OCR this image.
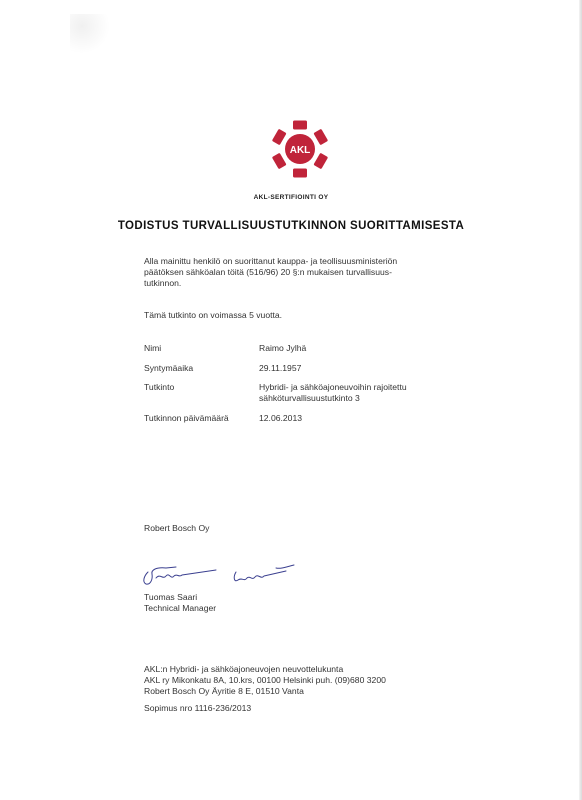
AKL
AKL-SERTIFIOINTI OY
TODISTUS TURVALLISUUSTUTKINNON SUORITTAMISESTA
Alla mainittu henkilö on suorittanut kauppa- ja teollisuusministeriön
päätöksen sähköalan töitä (516/96) 20 §:n mukaisen turvallisuus-
tutkinnon.
Tämä tutkinto on voimassa 5 vuotta.
Nimi	Raimo Jylhä
Syntymäaika	29.11.1957
Tutkinto	Hybridi- ja sähköajoneuvoihin rajoitettu
sähköturvallisuustutkinto 3
Tutkinnon päivämäärä	12.06.2013
Robert Bosch Oy
Tuomas Saari
Technical Manager
AKL:n Hybridi- ja sähköajoneuvojen neuvottelukunta
AKL ry Mikonkatu 8A, 10.krs, 00100 Helsinki puh. (09)680 3200
Robert Bosch Oy Äyritie 8 E, 01510 Vanta
Sopimus nro 1116-236/2013
